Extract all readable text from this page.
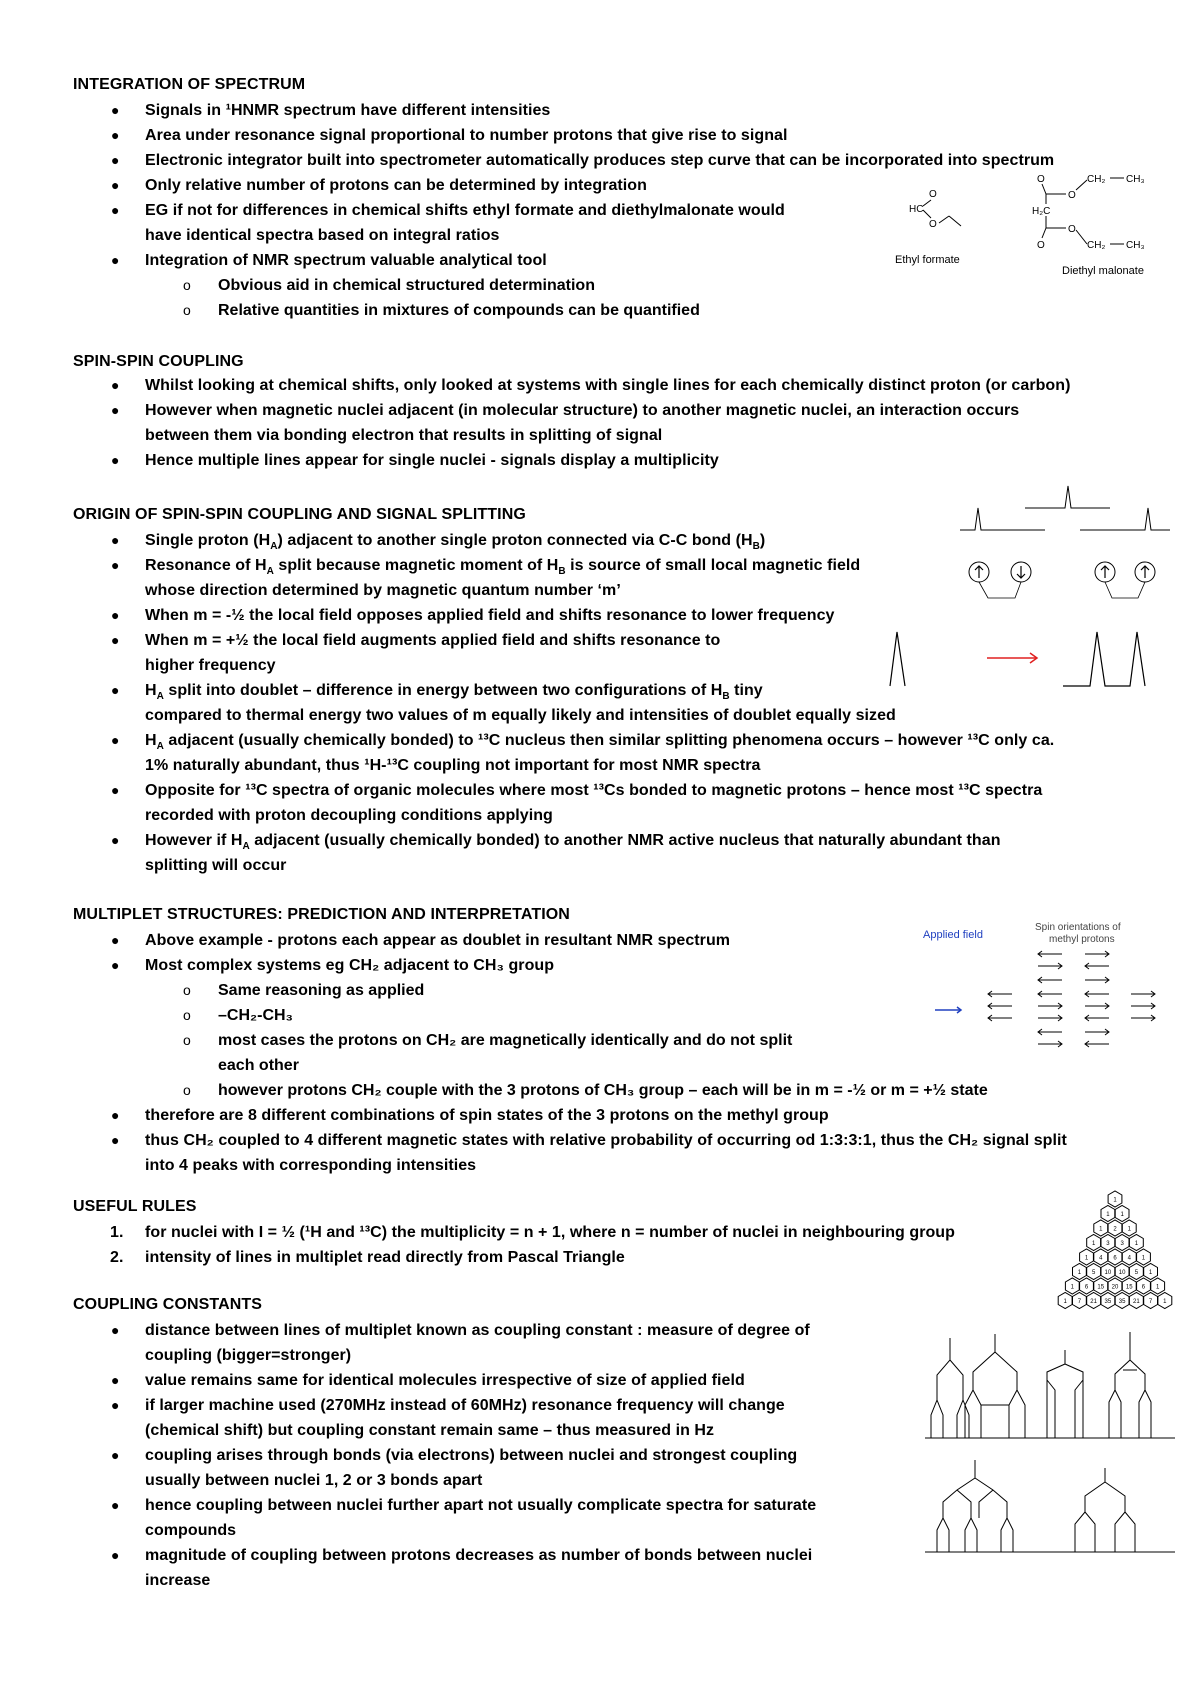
INTEGRATION OF SPECTRUM
● Signals in ¹HNMR spectrum have different intensities
● Area under resonance signal proportional to number protons that give rise to signal
● Electronic integrator built into spectrometer automatically produces step curve that can be incorporated into spectrum
● Only relative number of protons can be determined by integration
● EG if not for differences in chemical shifts ethyl formate and diethylmalonate would
have identical spectra based on integral ratios
● Integration of NMR spectrum valuable analytical tool
o Obvious aid in chemical structured determination
o Relative quantities in mixtures of compounds can be quantified
HC
O
O
Ethyl formate
O
O
H₂C
O
O
CH₂ CH₃
CH₂ CH₃
Diethyl malonate
SPIN-SPIN COUPLING
● Whilst looking at chemical shifts, only looked at systems with single lines for each chemically distinct proton (or carbon)
● However when magnetic nuclei adjacent (in molecular structure) to another magnetic nuclei, an interaction occurs
between them via bonding electron that results in splitting of signal
● Hence multiple lines appear for single nuclei - signals display a multiplicity
ORIGIN OF SPIN-SPIN COUPLING AND SIGNAL SPLITTING
● Single proton $(H_A)$ adjacent to another single proton connected via C-C bond $(H_B)$
● Resonance of $H_A$ split because magnetic moment of $H_B$ is source of small local magnetic field
whose direction determined by magnetic quantum number ‘m’
● When m = -½ the local field opposes applied field and shifts resonance to lower frequency
● When m = +½ the local field augments applied field and shifts resonance to
higher frequency
● $H_A$ split into doublet – difference in energy between two configurations of $H_B$ tiny
compared to thermal energy two values of m equally likely and intensities of doublet equally sized
● $H_A$ adjacent (usually chemically bonded) to ¹³C nucleus then similar splitting phenomena occurs – however ¹³C only ca.
1% naturally abundant, thus ¹H-¹³C coupling not important for most NMR spectra
● Opposite for ¹³C spectra of organic molecules where most ¹³Cs bonded to magnetic protons – hence most ¹³C spectra
recorded with proton decoupling conditions applying
● However if $H_A$ adjacent (usually chemically bonded) to another NMR active nucleus that naturally abundant than
splitting will occur
MULTIPLET STRUCTURES: PREDICTION AND INTERPRETATION
● Above example - protons each appear as doublet in resultant NMR spectrum
● Most complex systems eg CH₂ adjacent to CH₃ group
o Same reasoning as applied
o –CH₂-CH₃
o most cases the protons on CH₂ are magnetically identically and do not split
each other
o however protons CH₂ couple with the 3 protons of CH₃ group – each will be in m = -½ or m = +½ state
● therefore are 8 different combinations of spin states of the 3 protons on the methyl group
● thus CH₂ coupled to 4 different magnetic states with relative probability of occurring od 1:3:3:1, thus the CH₂ signal split
into 4 peaks with corresponding intensities
Applied field
Spin orientations of
methyl protons
USEFUL RULES
1. for nuclei with I = ½ (¹H and ¹³C) the multiplicity = n + 1, where n = number of nuclei in neighbouring group
2. intensity of lines in multiplet read directly from Pascal Triangle
1
1 1
1 2 1
1 3 3 1
1 4 6 4 1
1 5 10 10 5 1
1 6 15 20 15 6 1
1 7 21 35 35 21 7 1
COUPLING CONSTANTS
● distance between lines of multiplet known as coupling constant : measure of degree of
coupling (bigger=stronger)
● value remains same for identical molecules irrespective of size of applied field
● if larger machine used (270MHz instead of 60MHz) resonance frequency will change
(chemical shift) but coupling constant remain same – thus measured in Hz
● coupling arises through bonds (via electrons) between nuclei and strongest coupling
usually between nuclei 1, 2 or 3 bonds apart
● hence coupling between nuclei further apart not usually complicate spectra for saturate
compounds
● magnitude of coupling between protons decreases as number of bonds between nuclei
increase
